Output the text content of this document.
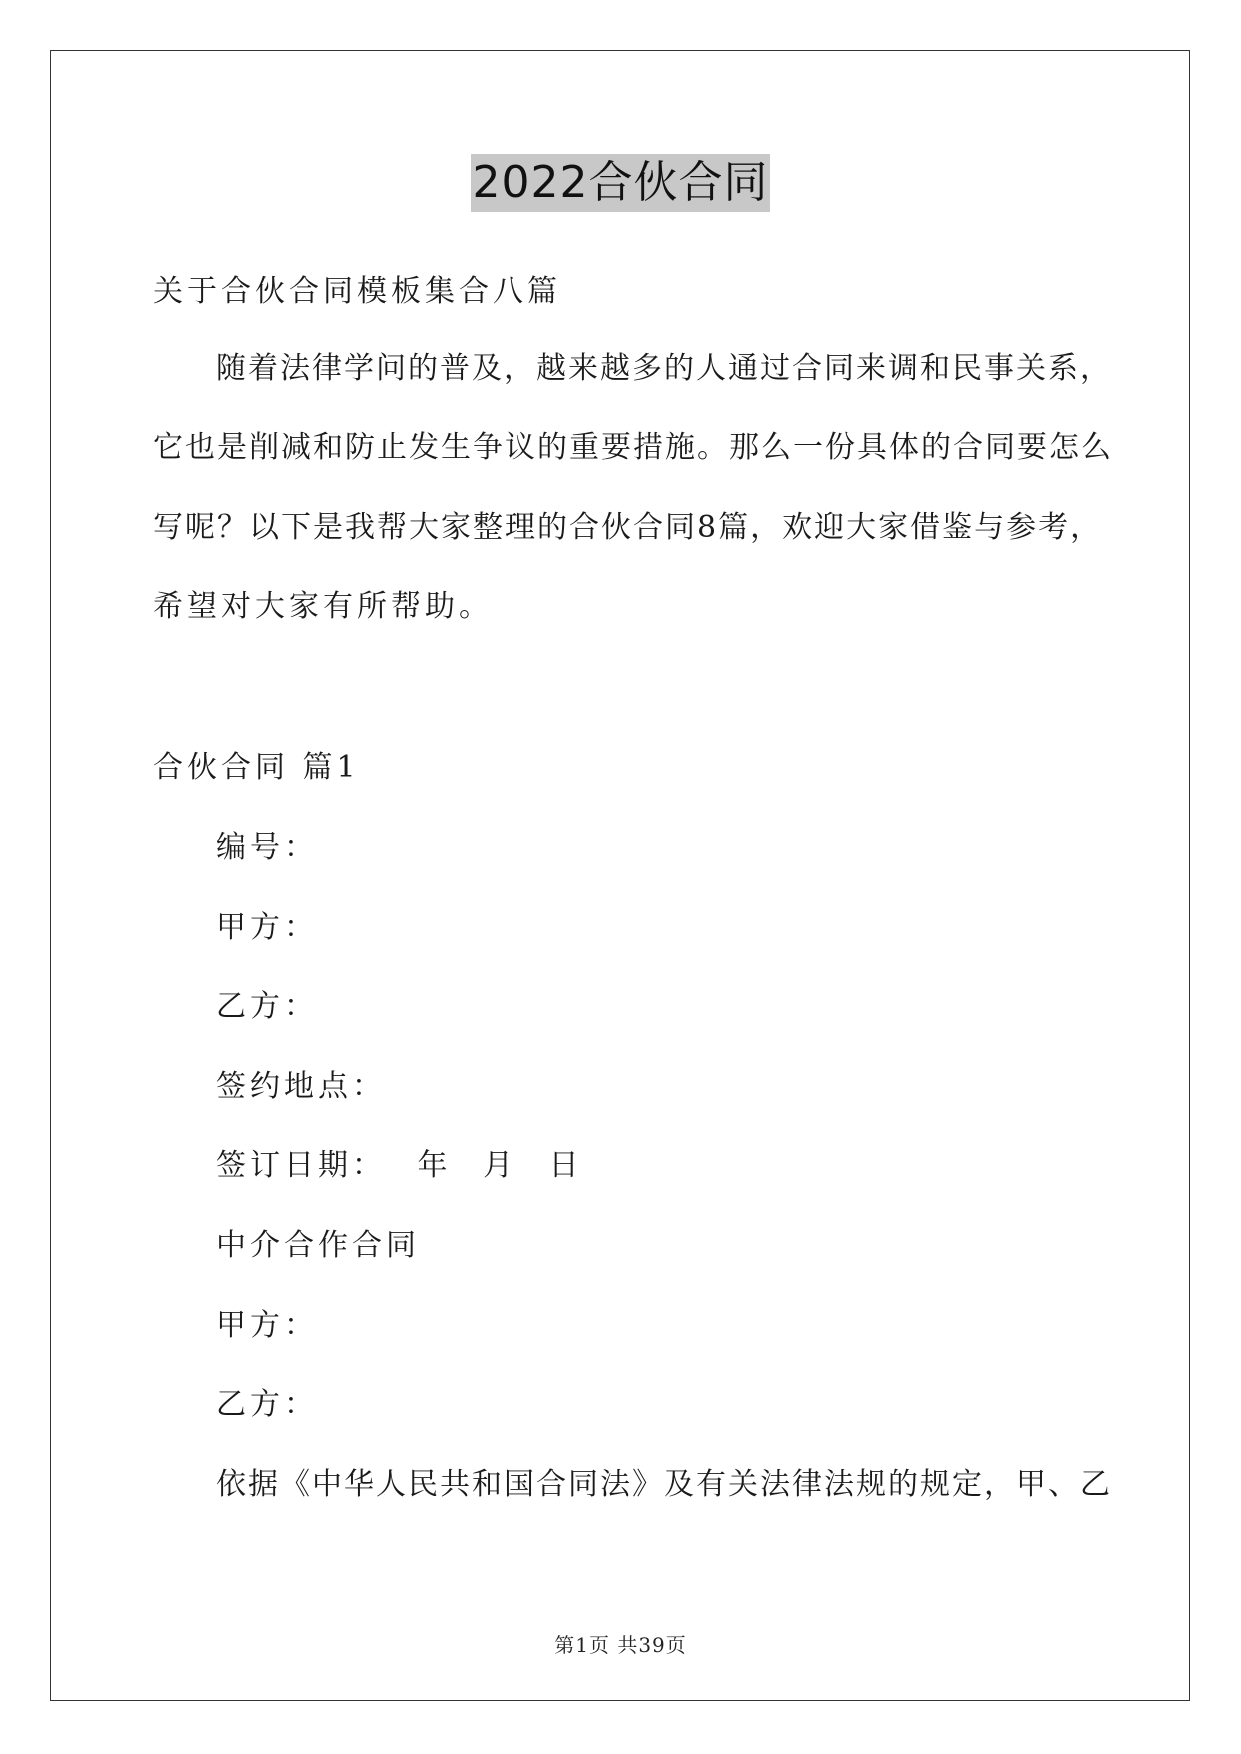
2022合伙合同
关于合伙合同模板集合八篇
随着法律学问的普及，越来越多的人通过合同来调和民事关系，
它也是削减和防止发生争议的重要措施。那么一份具体的合同要怎么
写呢？以下是我帮大家整理的合伙合同8篇，欢迎大家借鉴与参考，
希望对大家有所帮助。
合伙合同 篇1
编号：
甲方：
乙方：
签约地点：
签订日期： 年 月 日
中介合作合同
甲方：
乙方：
依据《中华人民共和国合同法》及有关法律法规的规定，甲、乙
第1页 共39页
